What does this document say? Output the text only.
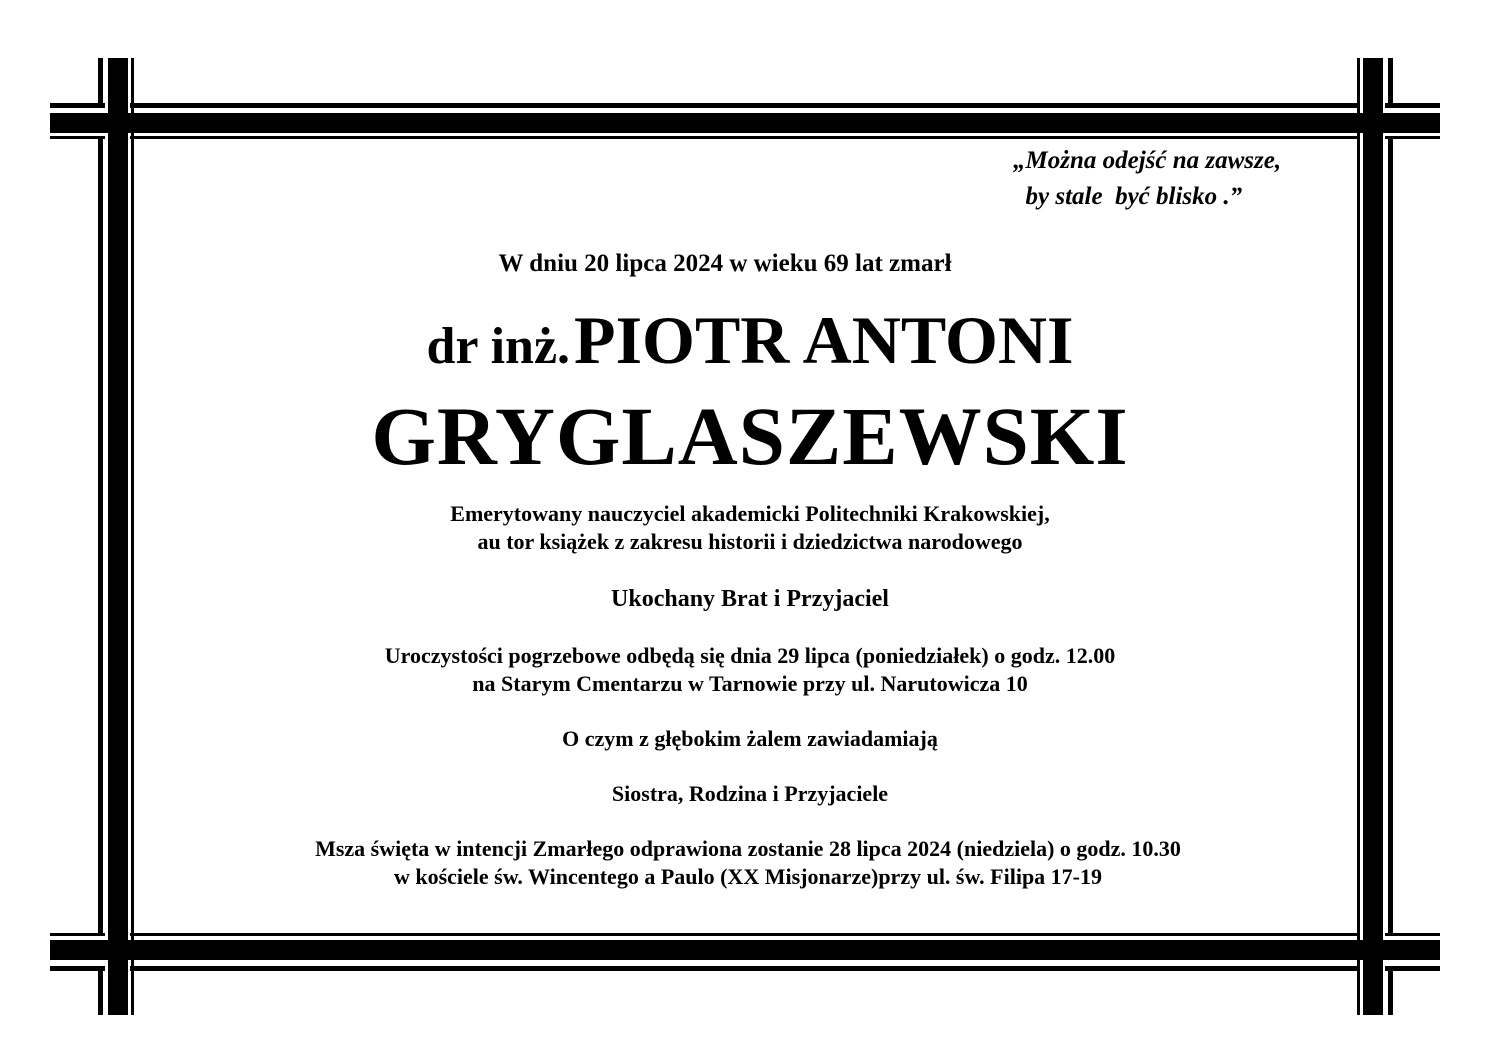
„Można odejść na zawsze,
by stale  być blisko .”
W dniu 20 lipca 2024 w wieku 69 lat zmarł
dr inż. PIOTR ANTONI
GRYGLASZEWSKI
Emerytowany nauczyciel akademicki Politechniki Krakowskiej,
au tor książek z zakresu historii i dziedzictwa narodowego
Ukochany Brat i Przyjaciel
Uroczystości pogrzebowe odbędą się dnia 29 lipca (poniedziałek) o godz. 12.00
na Starym Cmentarzu w Tarnowie przy ul. Narutowicza 10
O czym z głębokim żalem zawiadamiają
Siostra, Rodzina i Przyjaciele
Msza święta w intencji Zmarłego odprawiona zostanie 28 lipca 2024 (niedziela) o godz. 10.30
w kościele św. Wincentego a Paulo (XX Misjonarze)przy ul. św. Filipa 17-19
